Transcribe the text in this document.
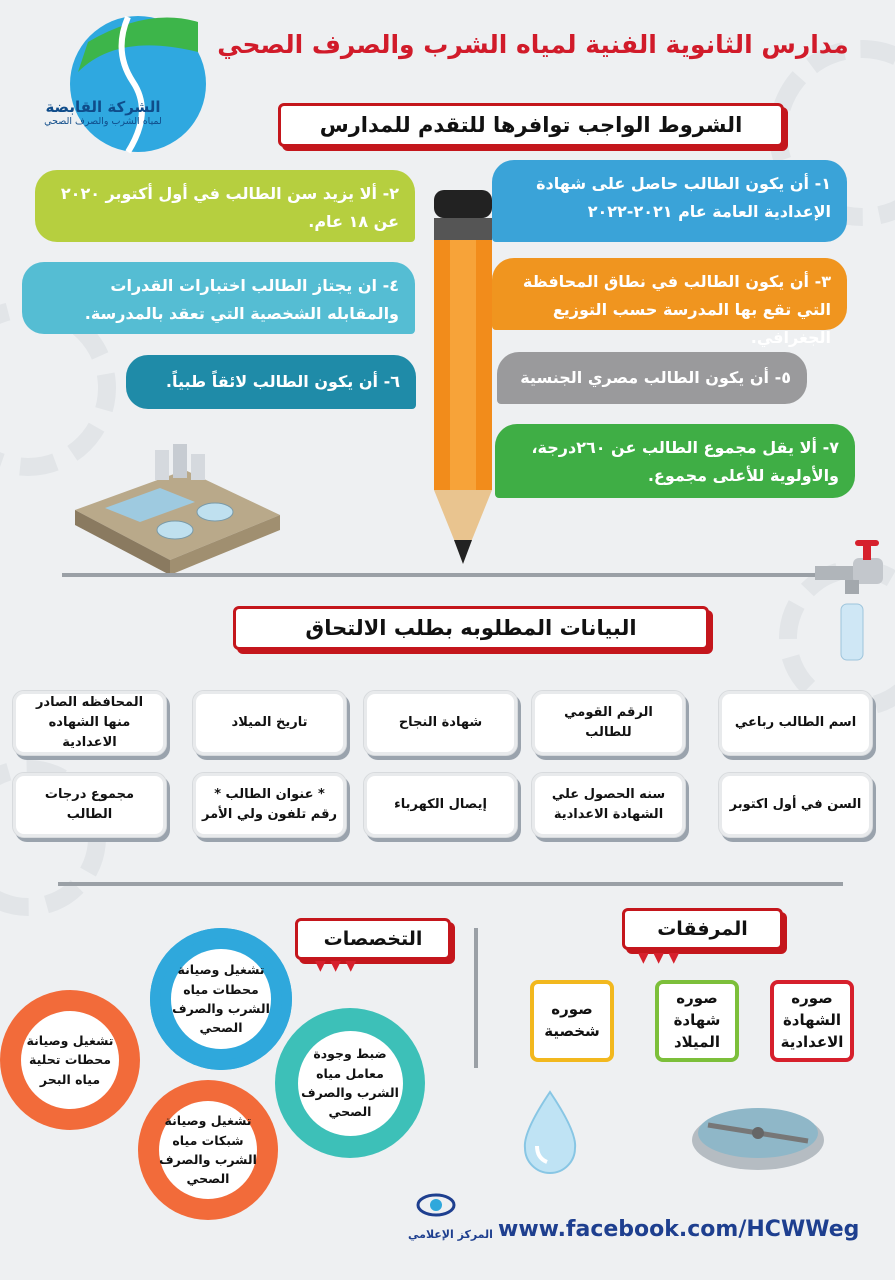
الشركة القابضة
لمياه الشرب والصرف الصحي
مدارس الثانوية الفنية لمياه الشرب والصرف الصحي
الشروط الواجب توافرها للتقدم للمدارس
١- أن يكون الطالب حاصل على شهادة الإعدادية العامة عام ٢٠٢١-٢٠٢٢
٢- ألا يزيد سن الطالب في أول أكتوبر ٢٠٢٠ عن ١٨ عام.
٣- أن يكون الطالب في نطاق المحافظة التي تقع بها المدرسة حسب التوزيع الجغرافي.
٤- ان يجتاز الطالب اختبارات القدرات والمقابله الشخصية التي تعقد بالمدرسة.
٥- أن يكون الطالب مصري الجنسية
٦- أن يكون الطالب لائقاً طبياً.
٧- ألا يقل مجموع الطالب عن ٢٦٠درجة، والأولوية للأعلى مجموع.
البيانات المطلوبه بطلب الالتحاق
اسم الطالب رباعي
الرقم القومي للطالب
شهادة النجاح
تاريخ الميلاد
المحافظه الصادر منها الشهاده الاعدادية
السن في أول اكتوبر
سنه الحصول علي الشهادة الاعدادية
إيصال الكهرباء
* عنوان الطالب * رقم تلفون ولي الأمر
مجموع درجات الطالب
المرفقات
▼ ▼ ▼
صوره الشهادة الاعدادية
صوره شهادة الميلاد
صوره شخصية
التخصصات
▼ ▼ ▼
تشغيل وصيانة محطات مياه الشرب والصرف الصحي
ضبط وجودة معامل مياه الشرب والصرف الصحي
تشغيل وصيانة محطات تحلية مياه البحر
تشغيل وصيانة شبكات مياه الشرب والصرف الصحي
المركز الإعلامي www.facebook.com/HCWWeg
